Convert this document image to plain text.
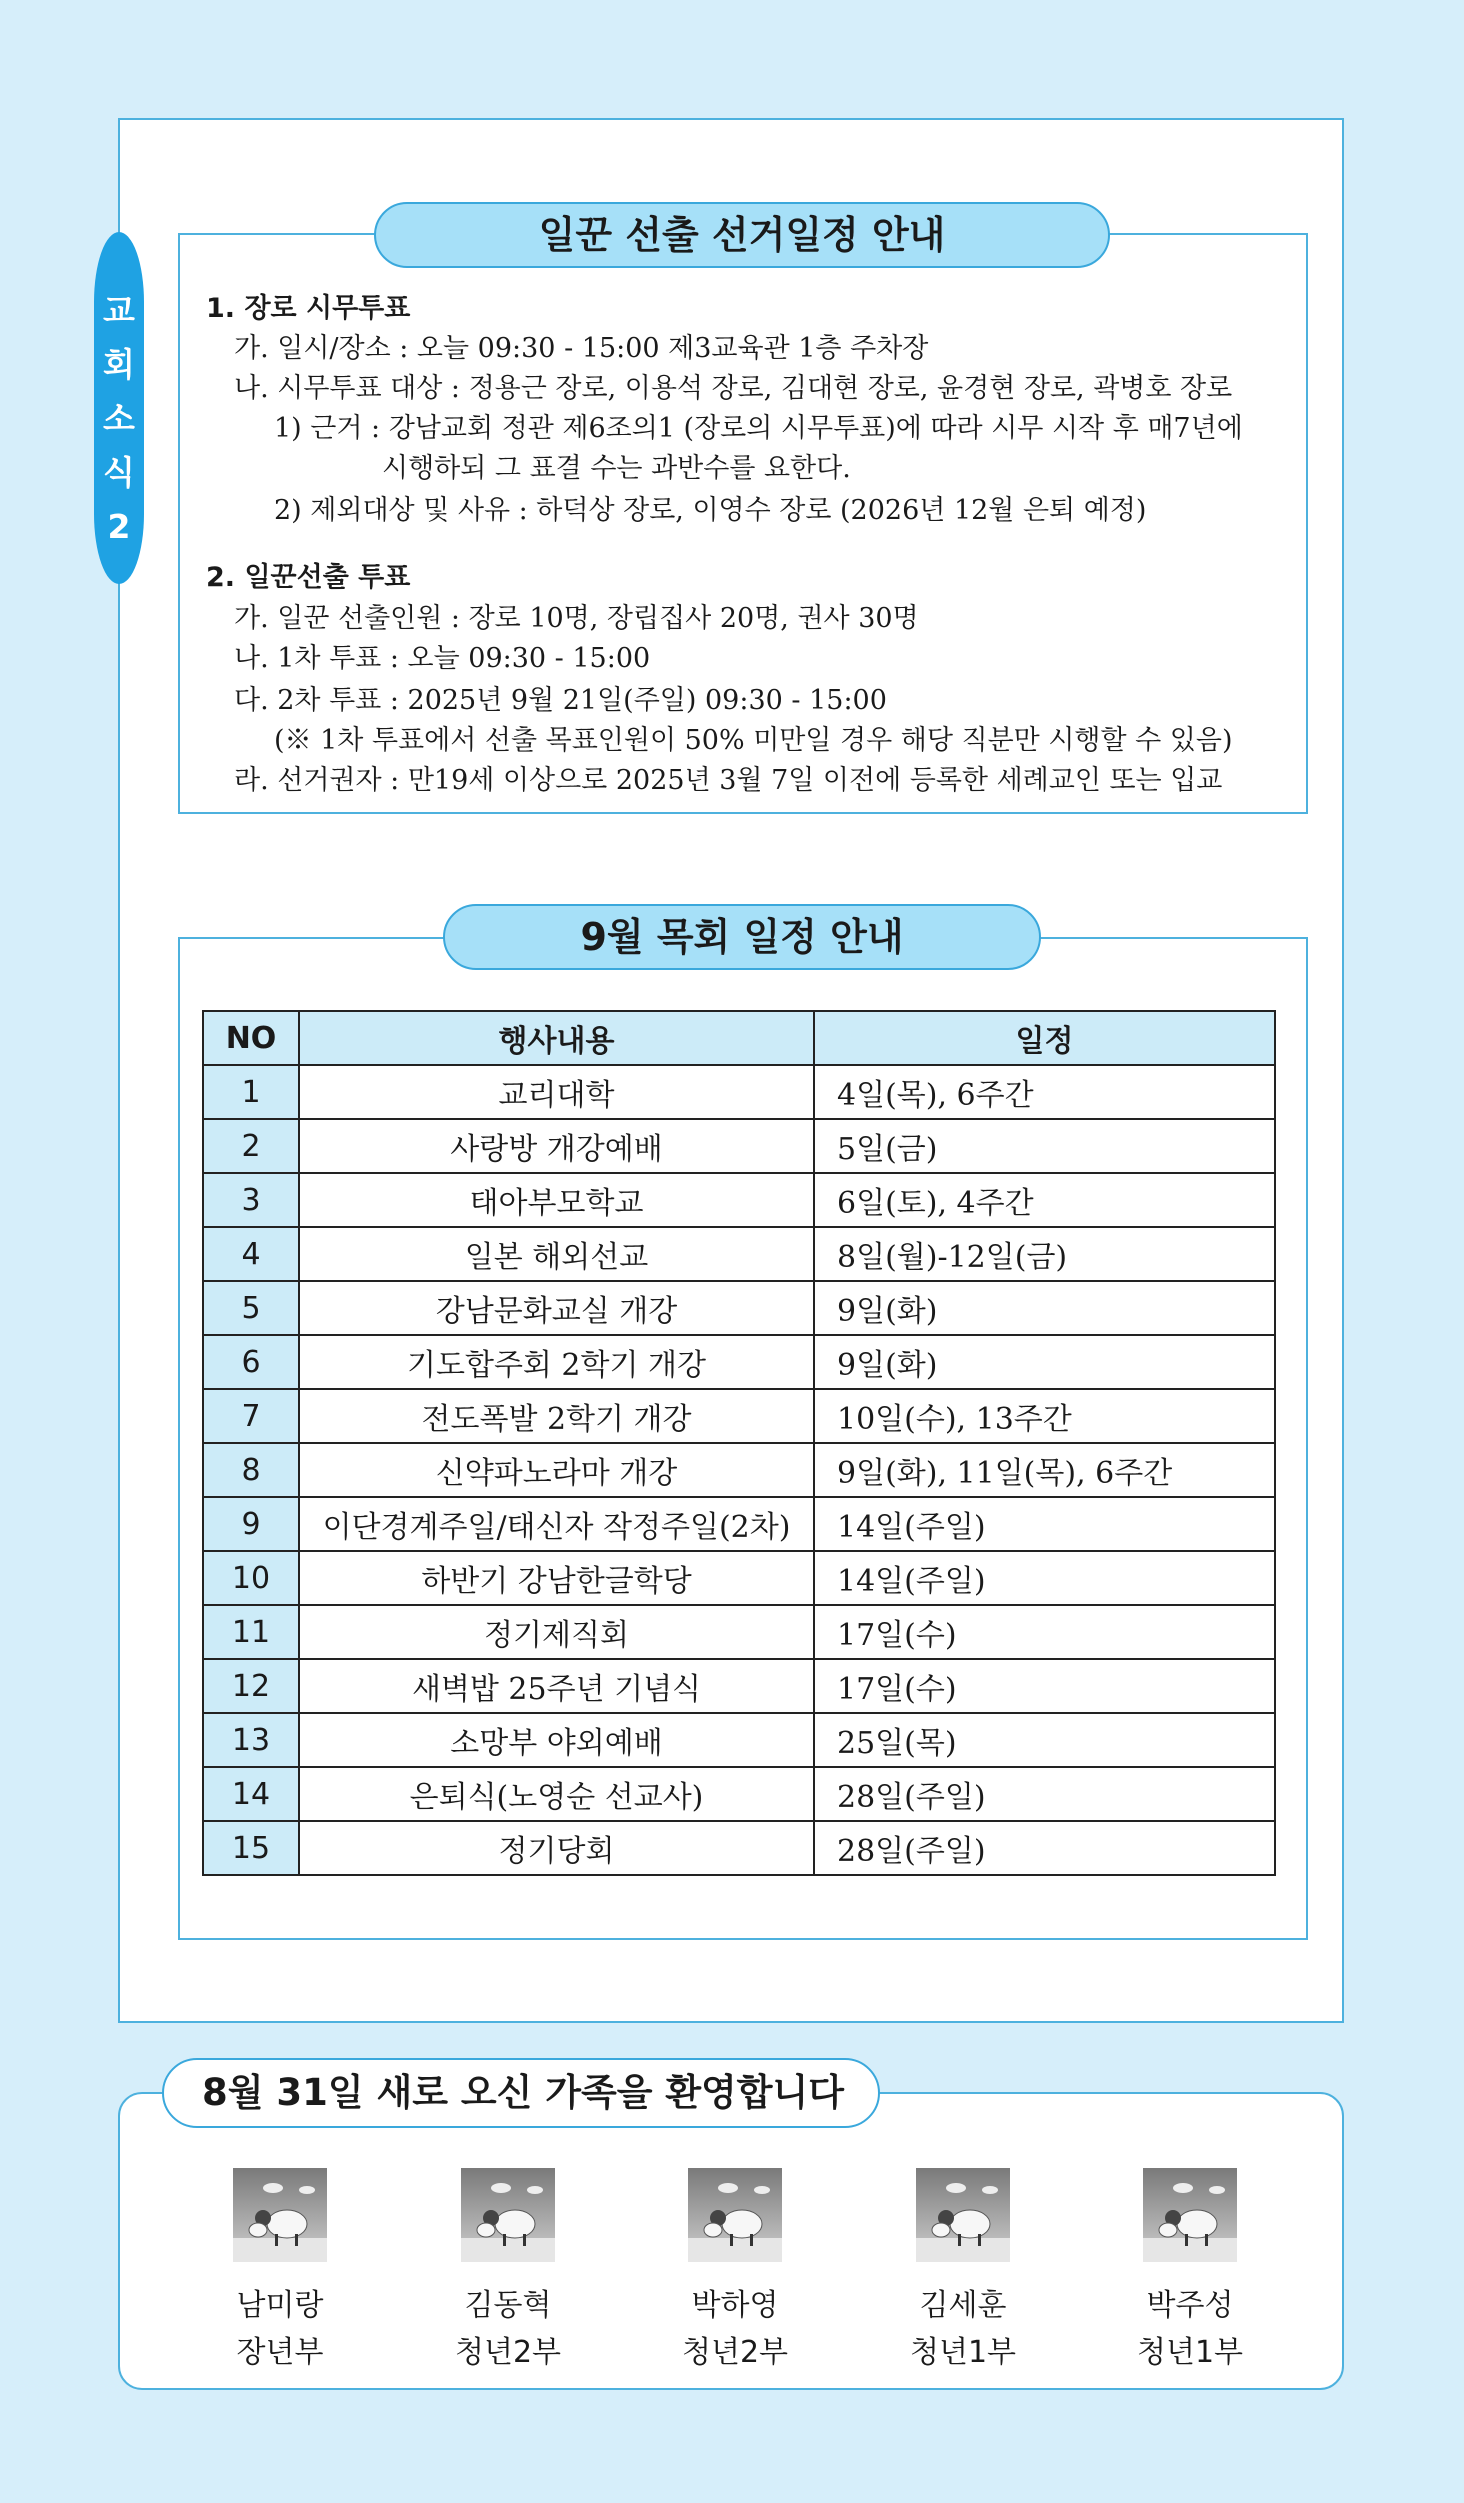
교
회
소
식
2
일꾼 선출 선거일정 안내
1. 장로 시무투표
가. 일시/장소 : 오늘 09:30 - 15:00 제3교육관 1층 주차장
나. 시무투표 대상 : 정용근 장로, 이용석 장로, 김대현 장로, 윤경현 장로, 곽병호 장로
1) 근거 : 강남교회 정관 제6조의1 (장로의 시무투표)에 따라 시무 시작 후 매7년에
시행하되 그 표결 수는 과반수를 요한다.
2) 제외대상 및 사유 : 하덕상 장로, 이영수 장로 (2026년 12월 은퇴 예정)
2. 일꾼선출 투표
가. 일꾼 선출인원 : 장로 10명, 장립집사 20명, 권사 30명
나. 1차 투표 : 오늘 09:30 - 15:00
다. 2차 투표 : 2025년 9월 21일(주일) 09:30 - 15:00
(※ 1차 투표에서 선출 목표인원이 50% 미만일 경우 해당 직분만 시행할 수 있음)
라. 선거권자 : 만19세 이상으로 2025년 3월 7일 이전에 등록한 세례교인 또는 입교
9월 목회 일정 안내
NO	행사내용	일정
1	교리대학	4일(목), 6주간
2	사랑방 개강예배	5일(금)
3	태아부모학교	6일(토), 4주간
4	일본 해외선교	8일(월)-12일(금)
5	강남문화교실 개강	9일(화)
6	기도합주회 2학기 개강	9일(화)
7	전도폭발 2학기 개강	10일(수), 13주간
8	신약파노라마 개강	9일(화), 11일(목), 6주간
9	이단경계주일/태신자 작정주일(2차)	14일(주일)
10	하반기 강남한글학당	14일(주일)
11	정기제직회	17일(수)
12	새벽밥 25주년 기념식	17일(수)
13	소망부 야외예배	25일(목)
14	은퇴식(노영순 선교사)	28일(주일)
15	정기당회	28일(주일)
8월 31일 새로 오신 가족을 환영합니다
남미랑
장년부
김동혁
청년2부
박하영
청년2부
김세훈
청년1부
박주성
청년1부
